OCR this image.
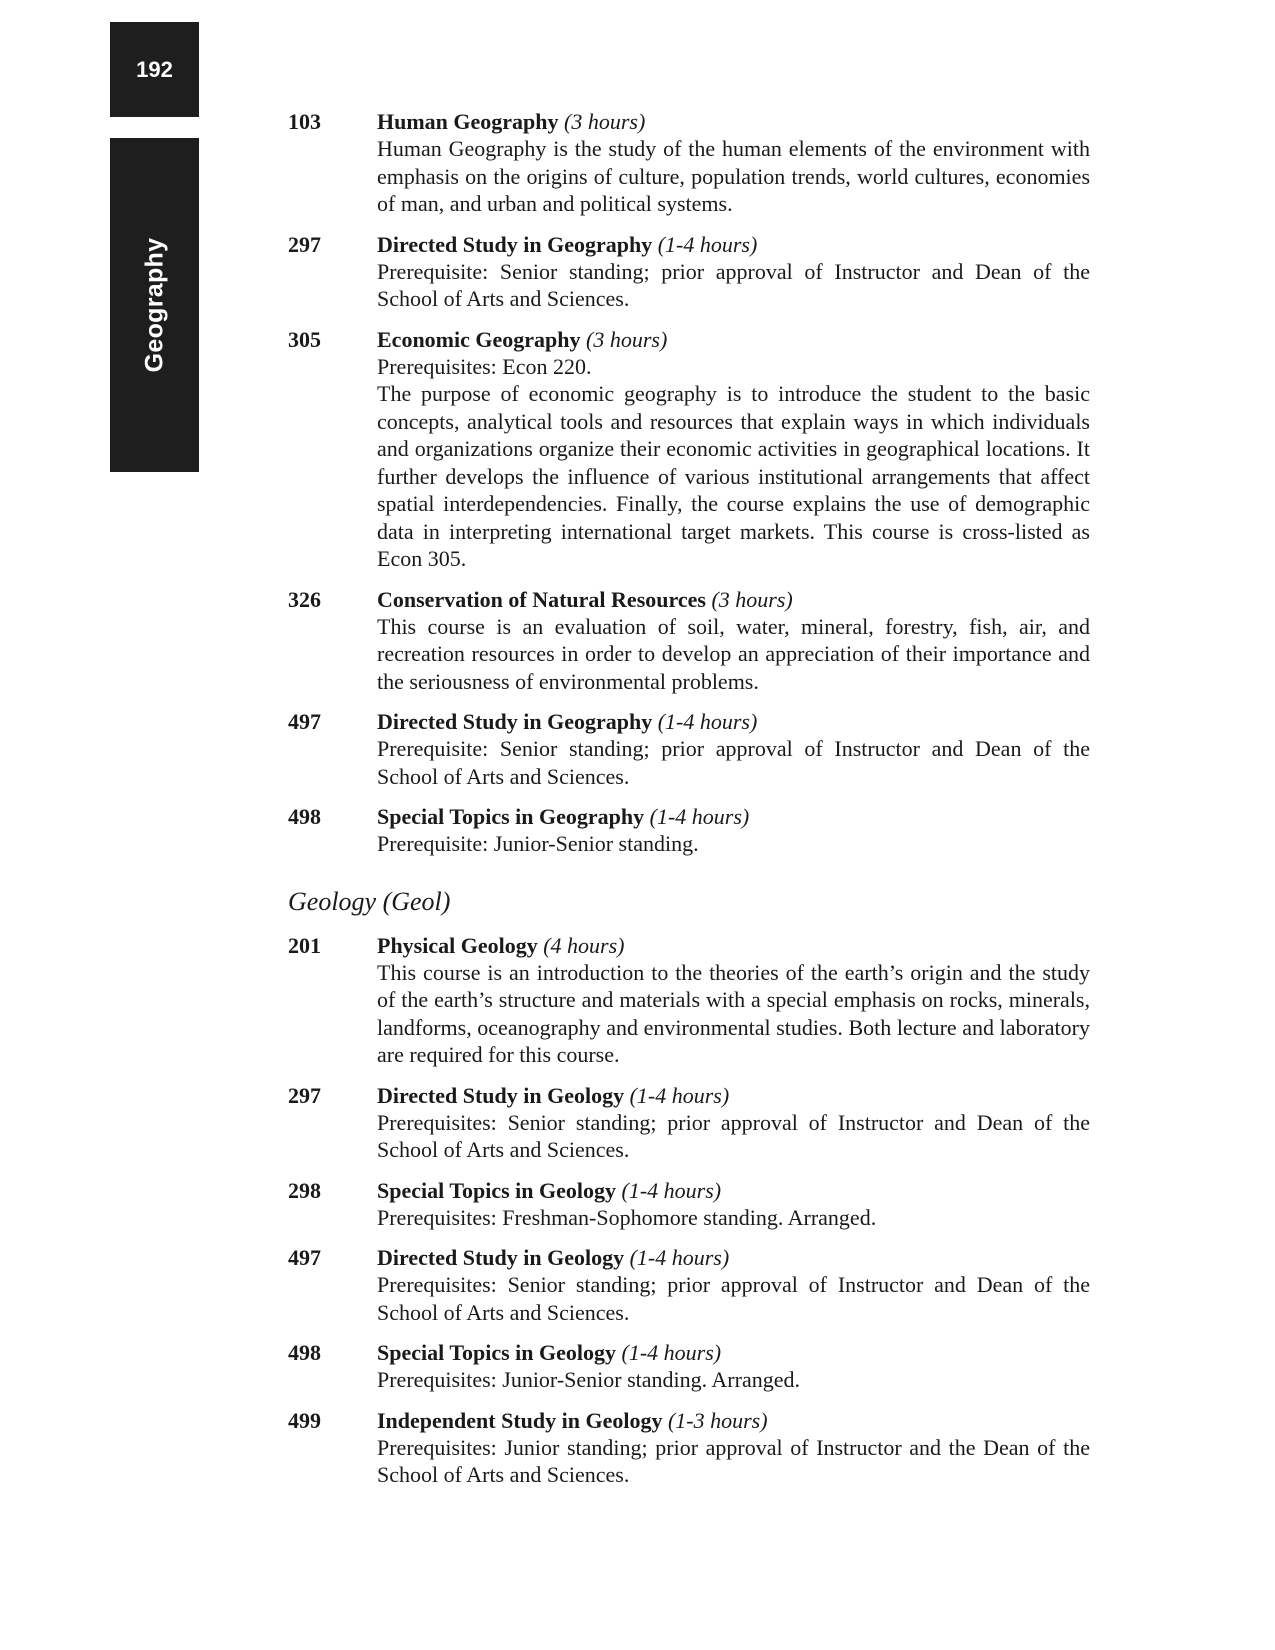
192
Geography
103	Human Geography (3 hours)

Human Geography is the study of the human elements of the environment with emphasis on the origins of culture, population trends, world cultures, economies of man, and urban and political systems.

297	Directed Study in Geography (1-4 hours)

Prerequisite: Senior standing; prior approval of Instructor and Dean of the School of Arts and Sciences.

305	Economic Geography (3 hours)

Prerequisites: Econ 220.

The purpose of economic geography is to introduce the student to the basic concepts, analytical tools and resources that explain ways in which individuals and organizations organize their economic activities in geographical locations. It further develops the influence of various institutional arrangements that affect spatial interdependencies. Finally, the course explains the use of demographic data in interpreting international target markets. This course is cross-listed as Econ 305.

326	Conservation of Natural Resources (3 hours)

This course is an evaluation of soil, water, mineral, forestry, fish, air, and recreation resources in order to develop an appreciation of their importance and the seriousness of environmental problems.

497	Directed Study in Geography (1-4 hours)

Prerequisite: Senior standing; prior approval of Instructor and Dean of the School of Arts and Sciences.

498	Special Topics in Geography (1-4 hours)

Prerequisite: Junior-Senior standing.

Geology (Geol)
201	Physical Geology (4 hours)

This course is an introduction to the theories of the earth’s origin and the study of the earth’s structure and materials with a special emphasis on rocks, minerals, landforms, oceanography and environmental studies. Both lecture and laboratory are required for this course.

297	Directed Study in Geology (1-4 hours)

Prerequisites: Senior standing; prior approval of Instructor and Dean of the School of Arts and Sciences.

298	Special Topics in Geology (1-4 hours)

Prerequisites: Freshman-Sophomore standing. Arranged.

497	Directed Study in Geology (1-4 hours)

Prerequisites: Senior standing; prior approval of Instructor and Dean of the School of Arts and Sciences.

498	Special Topics in Geology (1-4 hours)

Prerequisites: Junior-Senior standing. Arranged.

499	Independent Study in Geology (1-3 hours)

Prerequisites: Junior standing; prior approval of Instructor and the Dean of the School of Arts and Sciences.
